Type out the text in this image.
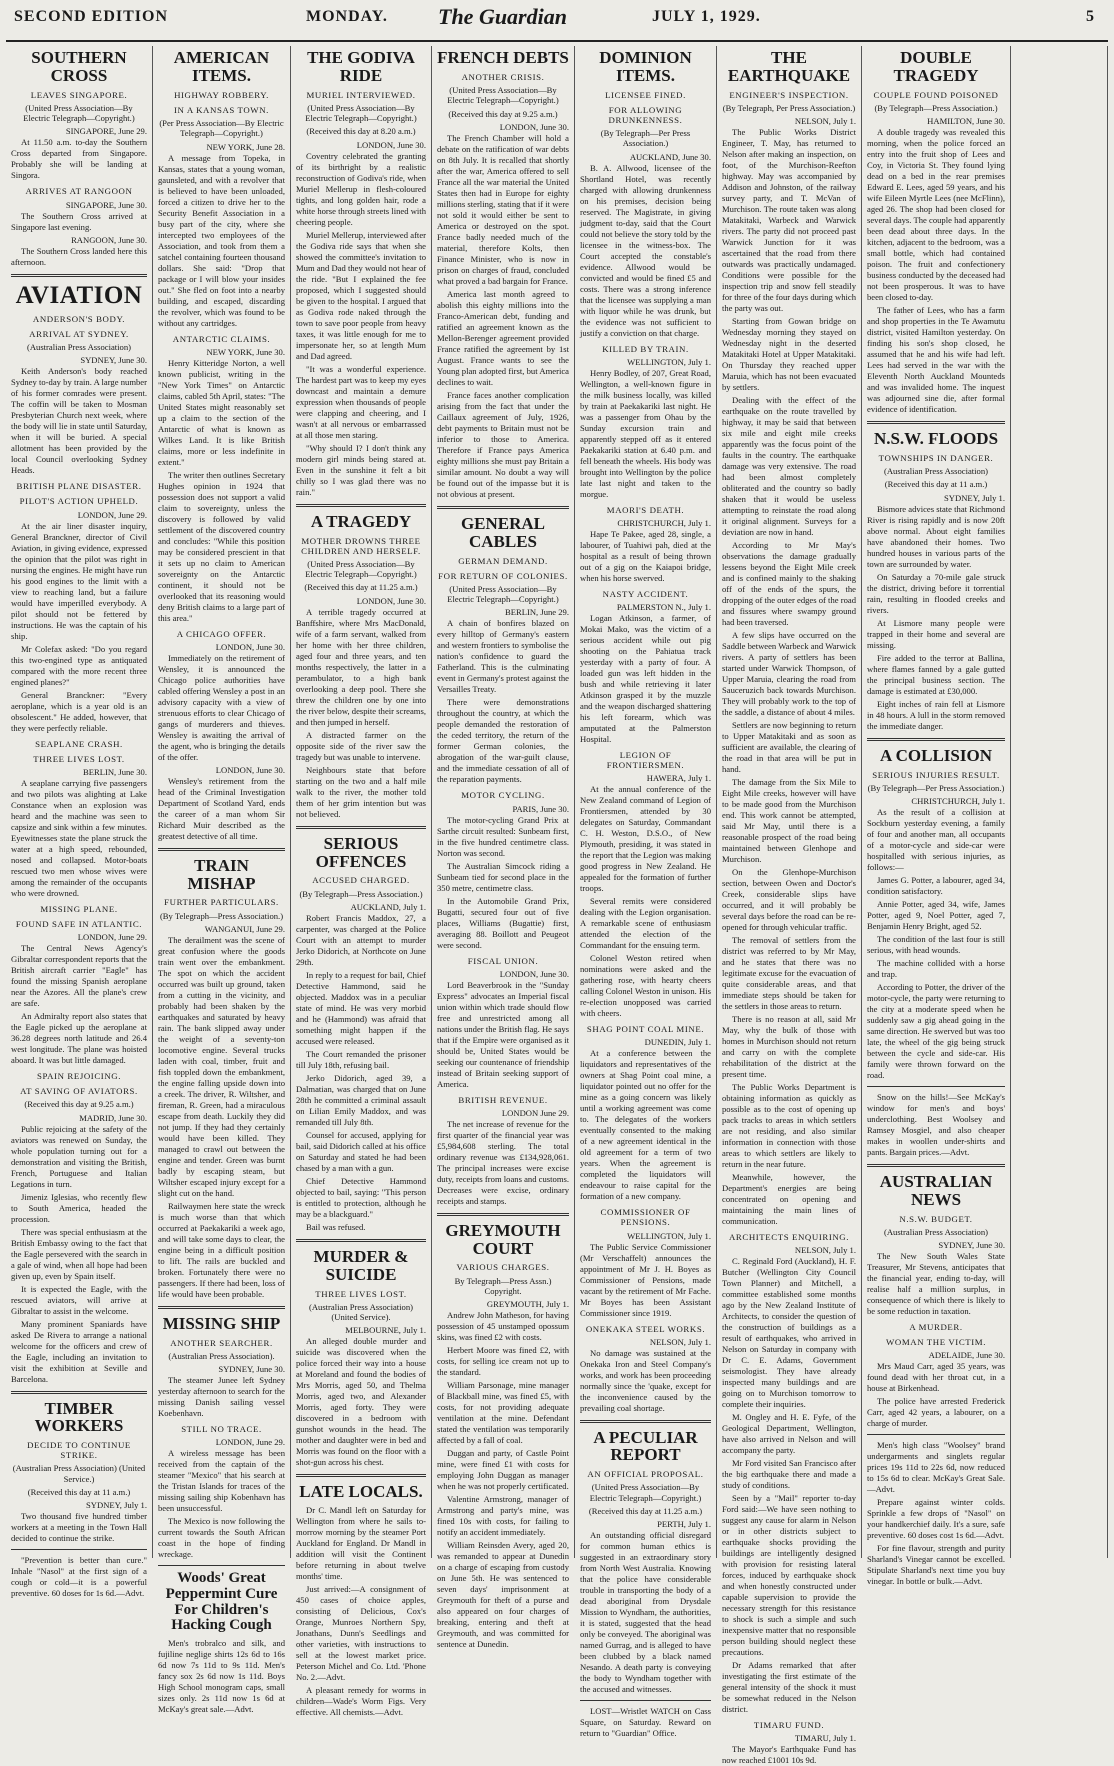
SECOND EDITION	MONDAY. The Guardian	JULY 1, 1929.	5
SOUTHERN CROSS
LEAVES SINGAPORE.
(United Press Association—By Electric Telegraph—Copyright.)
SINGAPORE, June 29.
At 11.50 a.m. to-day the Southern Cross departed from Singapore. Probably she will be landing at Singora.
ARRIVES AT RANGOON
SINGAPORE, June 30.
The Southern Cross arrived at Singapore last evening.
RANGOON, June 30.
The Southern Cross landed here this afternoon.
AVIATION
ANDERSON'S BODY.
ARRIVAL AT SYDNEY.
(Australian Press Association)
SYDNEY, June 30.
Keith Anderson's body reached Sydney to-day by train. A large number of his former comrades were present. The coffin will be taken to Mosman Presbyterian Church next week, where the body will lie in state until Saturday, when it will be buried. A special allotment has been provided by the local Council overlooking Sydney Heads.
BRITISH PLANE DISASTER.
PILOT'S ACTION UPHELD.
LONDON, June 29.
At the air liner disaster inquiry, General Branckner, director of Civil Aviation, in giving evidence, expressed the opinion that the pilot was right in nursing the engines. He might have run his good engines to the limit with a view to reaching land, but a failure would have imperilled everybody. A pilot should not be fettered by instructions. He was the captain of his ship.
Mr Colefax asked: "Do you regard this two-engined type as antiquated compared with the more recent three engined planes?"
General Branckner: "Every aeroplane, which is a year old is an obsolescent." He added, however, that they were perfectly reliable.
SEAPLANE CRASH.
THREE LIVES LOST.
BERLIN, June 30.
A seaplane carrying five passengers and two pilots was alighting at Lake Constance when an explosion was heard and the machine was seen to capsize and sink within a few minutes. Eyewitnesses state the plane struck the water at a high speed, rebounded, nosed and collapsed. Motor-boats rescued two men whose wives were among the remainder of the occupants who were drowned.
MISSING PLANE.
FOUND SAFE IN ATLANTIC.
LONDON, June 29.
The Central News Agency's Gibraltar correspondent reports that the British aircraft carrier "Eagle" has found the missing Spanish aeroplane near the Azores. All the plane's crew are safe.
An Admiralty report also states that the Eagle picked up the aeroplane at 36.28 degrees north latitude and 26.4 west longitude. The plane was hoisted aboard. It was but little damaged.
SPAIN REJOICING.
AT SAVING OF AVIATORS.
(Received this day at 9.25 a.m.)
MADRID, June 30.
Public rejoicing at the safety of the aviators was renewed on Sunday, the whole population turning out for a demonstration and visiting the British, French, Portuguese and Italian Legations in turn.
Jimeniz Iglesias, who recently flew to South America, headed the procession.
There was special enthusiasm at the British Embassy owing to the fact that the Eagle persevered with the search in a gale of wind, when all hope had been given up, even by Spain itself.
It is expected the Eagle, with the rescued aviators, will arrive at Gibraltar to assist in the welcome.
Many prominent Spaniards have asked De Rivera to arrange a national welcome for the officers and crew of the Eagle, including an invitation to visit the exhibition at Seville and Barcelona.
TIMBER WORKERS
DECIDE TO CONTINUE STRIKE.
(Australian Press Association) (United Service.)
(Received this day at 11 a.m.)
SYDNEY, July 1.
Two thousand five hundred timber workers at a meeting in the Town Hall decided to continue the strike.
"Prevention is better than cure." Inhale "Nasol" at the first sign of a cough or cold—it is a powerful preventive. 60 doses for 1s 6d.—Advt.
AMERICAN ITEMS.
HIGHWAY ROBBERY.
IN A KANSAS TOWN.
(Per Press Association—By Electric Telegraph—Copyright.)
NEW YORK, June 28.
A message from Topeka, in Kansas, states that a young woman, gaunsleted, and with a revolver that is believed to have been unloaded, forced a citizen to drive her to the Security Benefit Association in a busy part of the city, where she intercepted two employees of the Association, and took from them a satchel containing fourteen thousand dollars. She said: "Drop that package or I will blow your insides out." She fled on foot into a nearby building, and escaped, discarding the revolver, which was found to be without any cartridges.
ANTARCTIC CLAIMS.
NEW YORK, June 30.
Henry Kitteridge Norton, a well known publicist, writing in the "New York Times" on Antarctic claims, cabled 5th April, states: "The United States might reasonably set up a claim to the section of the Antarctic of what is known as Wilkes Land. It is like British claims, more or less indefinite in extent."
The writer then outlines Secretary Hughes opinion in 1924 that possession does not support a valid claim to sovereignty, unless the discovery is followed by valid settlement of the discovered country and concludes: "While this position may be considered prescient in that it sets up no claim to American sovereignty on the Antarctic continent, it should not be overlooked that its reasoning would deny British claims to a large part of this area."
A CHICAGO OFFER.
LONDON, June 30.
Immediately on the retirement of Wensley, it is announced the Chicago police authorities have cabled offering Wensley a post in an advisory capacity with a view of strenuous efforts to clear Chicago of gangs of murderers and thieves. Wensley is awaiting the arrival of the agent, who is bringing the details of the offer.
LONDON, June 30.
Wensley's retirement from the head of the Criminal Investigation Department of Scotland Yard, ends the career of a man whom Sir Richard Muir described as the greatest detective of all time.
TRAIN MISHAP
FURTHER PARTICULARS.
(By Telegraph—Press Association.)
WANGANUI, June 29.
The derailment was the scene of great confusion where the goods train went over the embankment. The spot on which the accident occurred was built up ground, taken from a cutting in the vicinity, and probably had been shaken by the earthquakes and saturated by heavy rain. The bank slipped away under the weight of a seventy-ton locomotive engine. Several trucks laden with coal, timber, fruit and fish toppled down the embankment, the engine falling upside down into a creek. The driver, R. Wiltsher, and fireman, R. Green, had a miraculous escape from death. Luckily they did not jump. If they had they certainly would have been killed. They managed to crawl out between the engine and tender. Green was burnt badly by escaping steam, but Wiltsher escaped injury except for a slight cut on the hand.
Railwaymen here state the wreck is much worse than that which occurred at Paekakariki a week ago, and will take some days to clear, the engine being in a difficult position to lift. The rails are buckled and broken. Fortunately there were no passengers. If there had been, loss of life would have been probable.
MISSING SHIP
ANOTHER SEARCHER.
(Australian Press Association).
SYDNEY, June 30.
The steamer Junee left Sydney yesterday afternoon to search for the missing Danish sailing vessel Koebenhavn.
STILL NO TRACE.
LONDON, June 29.
A wireless message has been received from the captain of the steamer "Mexico" that his search at the Tristan Islands for traces of the missing sailing ship Kobenhavn has been unsuccessful.
The Mexico is now following the current towards the South African coast in the hope of finding wreckage.
Woods' Great Peppermint Cure For Children's Hacking Cough
Men's trobralco and silk, and fujiline neglige shirts 12s 6d to 16s 6d now 7s 11d to 9s 11d. Men's fancy sox 2s 6d now 1s 11d. Boys High School monogram caps, small sizes only. 2s 11d now 1s 6d at McKay's great sale.—Advt.
THE GODIVA RIDE
MURIEL INTERVIEWED.
(United Press Association—By Electric Telegraph—Copyright.)
(Received this day at 8.20 a.m.)
LONDON, June 30.
Coventry celebrated the granting of its birthright by a realistic reconstruction of Godiva's ride, when Muriel Mellerup in flesh-coloured tights, and long golden hair, rode a white horse through streets lined with cheering people.
Muriel Mellerup, interviewed after the Godiva ride says that when she showed the committee's invitation to Mum and Dad they would not hear of the ride. "But I explained the fee proposed, which I suggested should be given to the hospital. I argued that as Godiva rode naked through the town to save poor people from heavy taxes, it was little enough for me to impersonate her, so at length Mum and Dad agreed.
"It was a wonderful experience. The hardest part was to keep my eyes downcast and maintain a demure expression when thousands of people were clapping and cheering, and I wasn't at all nervous or embarrassed at all those men staring.
"Why should I? I don't think any modern girl minds being stared at. Even in the sunshine it felt a bit chilly so I was glad there was no rain."
A TRAGEDY
MOTHER DROWNS THREE CHILDREN AND HERSELF.
(United Press Association—By Electric Telegraph—Copyright.)
(Received this day at 11.25 a.m.)
LONDON, June 30.
A terrible tragedy occurred at Banffshire, where Mrs MacDonald, wife of a farm servant, walked from her home with her three children, aged four and three years, and ten months respectively, the latter in a perambulator, to a high bank overlooking a deep pool. There she threw the children one by one into the river below, despite their screams, and then jumped in herself.
A distracted farmer on the opposite side of the river saw the tragedy but was unable to intervene.
Neighbours state that before starting on the two and a half mile walk to the river, the mother told them of her grim intention but was not believed.
SERIOUS OFFENCES
ACCUSED CHARGED.
(By Telegraph—Press Association.)
AUCKLAND, July 1.
Robert Francis Maddox, 27, a carpenter, was charged at the Police Court with an attempt to murder Jerko Didorich, at Northcote on June 29th.
In reply to a request for bail, Chief Detective Hammond, said he objected. Maddox was in a peculiar state of mind. He was very morbid and he (Hammond) was afraid that something might happen if the accused were released.
The Court remanded the prisoner till July 18th, refusing bail.
Jerko Didorich, aged 39, a Dalmatian, was charged that on June 28th he committed a criminal assault on Lilian Emily Maddox, and was remanded till July 8th.
Counsel for accused, applying for bail, said Didorich called at his office on Saturday and stated he had been chased by a man with a gun.
Chief Detective Hammond objected to bail, saying: "This person is entitled to protection, although he may be a blackguard."
Bail was refused.
MURDER & SUICIDE
THREE LIVES LOST.
(Australian Press Association) (United Service).
MELBOURNE, July 1.
An alleged double murder and suicide was discovered when the police forced their way into a house at Moreland and found the bodies of Mrs Morris, aged 50, and Thelma Morris, aged two, and Alexander Morris, aged forty. They were discovered in a bedroom with gunshot wounds in the head. The mother and daughter were in bed and Morris was found on the floor with a shot-gun across his chest.
LATE LOCALS.
Dr C. Mandl left on Saturday for Wellington from where he sails to-morrow morning by the steamer Port Auckland for England. Dr Mandl in addition will visit the Continent before returning in about twelve months' time.
Just arrived:—A consignment of 450 cases of choice apples, consisting of Delicious, Cox's Orange, Munroes Northern Spy, Jonathans, Dunn's Seedlings and other varieties, with instructions to sell at the lowest market price. Peterson Michel and Co. Ltd. 'Phone No. 2.—Advt.
A pleasant remedy for worms in children—Wade's Worm Figs. Very effective. All chemists.—Advt.
FRENCH DEBTS
ANOTHER CRISIS.
(United Press Association—By Electric Telegraph—Copyright.)
(Received this day at 9.25 a.m.)
LONDON, June 30.
The French Chamber will hold a debate on the ratification of war debts on 8th July. It is recalled that shortly after the war, America offered to sell France all the war material the United States then had in Europe for eighty millions sterling, stating that if it were not sold it would either be sent to America or destroyed on the spot. France badly needed much of the material, therefore Kolts, then Finance Minister, who is now in prison on charges of fraud, concluded what proved a bad bargain for France.
America last month agreed to abolish this eighty millions into the Franco-American debt, funding and ratified an agreement known as the Mellon-Berenger agreement provided France ratified the agreement by 1st August. France wants to see the Young plan adopted first, but America declines to wait.
France faces another complication arising from the fact that under the Caillaux agreement of July, 1926, debt payments to Britain must not be inferior to those to America. Therefore if France pays America eighty millions she must pay Britain a similar amount. No doubt a way will be found out of the impasse but it is not obvious at present.
GENERAL CABLES
GERMAN DEMAND.
FOR RETURN OF COLONIES.
(United Press Association—By Electric Telegraph—Copyright.)
BERLIN, June 29.
A chain of bonfires blazed on every hilltop of Germany's eastern and western frontiers to symbolise the nation's confidence to guard the Fatherland. This is the culminating event in Germany's protest against the Versailles Treaty.
There were demonstrations throughout the country, at which the people demanded the restoration of the ceded territory, the return of the former German colonies, the abrogation of the war-guilt clause, and the immediate cessation of all of the reparation payments.
MOTOR CYCLING.
PARIS, June 30.
The motor-cycling Grand Prix at Sarthe circuit resulted: Sunbeam first, in the five hundred centimetre class. Norton was second.
The Australian Simcock riding a Sunbeam tied for second place in the 350 metre, centimetre class.
In the Automobile Grand Prix, Bugatti, secured four out of five places, Williams (Bugattie) first, averaging 88. Boillott and Peugeot were second.
FISCAL UNION.
LONDON, June 30.
Lord Beaverbrook in the "Sunday Express" advocates an Imperial fiscal union within which trade should flow free and unrestricted among all nations under the British flag. He says that if the Empire were organised as it should be, United States would be seeking our countenance of friendship instead of Britain seeking support of America.
BRITISH REVENUE.
LONDON June 29.
The net increase of revenue for the first quarter of the financial year was £5,984,608 sterling. The total ordinary revenue was £134,928,061. The principal increases were excise duty, receipts from loans and customs. Decreases were excise, ordinary receipts and stamps.
GREYMOUTH COURT
VARIOUS CHARGES.
By Telegraph—Press Assn.) Copyright.
GREYMOUTH, July 1.
Andrew John Matheson, for having possession of 45 unstamped opossum skins, was fined £2 with costs.
Herbert Moore was fined £2, with costs, for selling ice cream not up to the standard.
William Parsonage, mine manager of Blackball mine, was fined £5, with costs, for not providing adequate ventilation at the mine. Defendant stated the ventilation was temporarily affected by a fall of coal.
Duggan and party, of Castle Point mine, were fined £1 with costs for employing John Duggan as manager when he was not properly certificated.
Valentine Armstrong, manager of Armstrong and party's mine, was fined 10s with costs, for failing to notify an accident immediately.
William Reinsden Avery, aged 20, was remanded to appear at Dunedin on a charge of escaping from custody on June 5th. He was sentenced to seven days' imprisonment at Greymouth for theft of a purse and also appeared on four charges of breaking, entering and theft at Greymouth, and was committed for sentence at Dunedin.
DOMINION ITEMS.
LICENSEE FINED.
FOR ALLOWING DRUNKENNESS.
(By Telegraph—Per Press Association.)
AUCKLAND, June 30.
B. A. Allwood, licensee of the Shortland Hotel, was recently charged with allowing drunkenness on his premises, decision being reserved. The Magistrate, in giving judgment to-day, said that the Court could not believe the story told by the licensee in the witness-box. The Court accepted the constable's evidence. Allwood would be convicted and would be fined £5 and costs. There was a strong inference that the licensee was supplying a man with liquor while he was drunk, but the evidence was not sufficient to justify a conviction on that charge.
KILLED BY TRAIN.
WELLINGTON, July 1.
Henry Bodley, of 207, Great Road, Wellington, a well-known figure in the milk business locally, was killed by train at Paekakariki last night. He was a passenger from Ohau by the Sunday excursion train and apparently stepped off as it entered Paekakariki station at 6.40 p.m. and fell beneath the wheels. His body was brought into Wellington by the police late last night and taken to the morgue.
MAORI'S DEATH.
CHRISTCHURCH, July 1.
Hape Te Pakee, aged 28, single, a labourer, of Tuahiwi pah, died at the hospital as a result of being thrown out of a gig on the Kaiapoi bridge, when his horse swerved.
NASTY ACCIDENT.
PALMERSTON N., July 1.
Logan Atkinson, a farmer, of Mokai Mako, was the victim of a serious accident while out pig shooting on the Pahiatua track yesterday with a party of four. A loaded gun was left hidden in the bush and while retrieving it later Atkinson grasped it by the muzzle and the weapon discharged shattering his left forearm, which was amputated at the Palmerston Hospital.
LEGION OF FRONTIERSMEN.
HAWERA, July 1.
At the annual conference of the New Zealand command of Legion of Frontiersmen, attended by 30 delegates on Saturday, Commandant C. H. Weston, D.S.O., of New Plymouth, presiding, it was stated in the report that the Legion was making good progress in New Zealand. He appealed for the formation of further troops.
Several remits were considered dealing with the Legion organisation. A remarkable scene of enthusiasm attended the election of the Commandant for the ensuing term.
Colonel Weston retired when nominations were asked and the gathering rose, with hearty cheers calling Colonel Weston in unison. His re-election unopposed was carried with cheers.
SHAG POINT COAL MINE.
DUNEDIN, July 1.
At a conference between the liquidators and representatives of the owners at Shag Point coal mine, a liquidator pointed out no offer for the mine as a going concern was likely until a working agreement was come to. The delegates of the workers eventually consented to the making of a new agreement identical in the old agreement for a term of two years. When the agreement is completed the liquidators will endeavour to raise capital for the formation of a new company.
COMMISSIONER OF PENSIONS.
WELLINGTON, July 1.
The Public Service Commissioner (Mr Verschaffelt) announces the appointment of Mr J. H. Boyes as Commissioner of Pensions, made vacant by the retirement of Mr Fache. Mr Boyes has been Assistant Commissioner since 1919.
ONEKAKA STEEL WORKS.
NELSON, July 1.
No damage was sustained at the Onekaka Iron and Steel Company's works, and work has been proceeding normally since the 'quake, except for the inconvenience caused by the prevailing coal shortage.
A PECULIAR REPORT
AN OFFICIAL PROPOSAL.
(United Press Association—By Electric Telegraph—Copyright.)
(Received this day at 11.25 a.m.)
PERTH, July 1.
An outstanding official disregard for common human ethics is suggested in an extraordinary story from North West Australia. Knowing that the police have considerable trouble in transporting the body of a dead aboriginal from Drysdale Mission to Wyndham, the authorities, it is stated, suggested that the head only be conveyed. The aboriginal was named Gurrag, and is alleged to have been clubbed by a black named Nesando. A death party is conveying the body to Wyndham together with the accused and witnesses.
LOST—Wristlet WATCH on Cass Square, on Saturday. Reward on return to "Guardian" Office.
THE EARTHQUAKE
ENGINEER'S INSPECTION.
(By Telegraph, Per Press Association.)
NELSON, July 1.
The Public Works District Engineer, T. May, has returned to Nelson after making an inspection, on foot, of the Murchison-Reefton highway. May was accompanied by Addison and Johnston, of the railway survey party, and T. McVan of Murchison. The route taken was along Matakitaki, Warbeck and Warwick rivers. The party did not proceed past Warwick Junction for it was ascertained that the road from there outwards was practically undamaged. Conditions were possible for the inspection trip and snow fell steadily for three of the four days during which the party was out.
Starting from Gowan bridge on Wednesday morning they stayed on Wednesday night in the deserted Matakitaki Hotel at Upper Matakitaki. On Thursday they reached upper Maruia, which has not been evacuated by settlers.
Dealing with the effect of the earthquake on the route travelled by highway, it may be said that between six mile and eight mile creeks apparently was the focus point of the faults in the country. The earthquake damage was very extensive. The road had been almost completely obliterated and the country so badly shaken that it would be useless attempting to reinstate the road along it original alignment. Surveys for a deviation are now in hand.
According to Mr May's observations the damage gradually lessens beyond the Eight Mile creek and is confined mainly to the shaking off of the ends of the spurs, the dropping of the outer edges of the road and fissures where swampy ground had been traversed.
A few slips have occurred on the Saddle between Warbeck and Warwick rivers. A party of settlers has been started under Warwick Thompson, of Upper Maruia, clearing the road from Sauceruzich back towards Murchison. They will probably work to the top of the saddle, a distance of about 4 miles.
Settlers are now beginning to return to Upper Matakitaki and as soon as sufficient are available, the clearing of the road in that area will be put in hand.
The damage from the Six Mile to Eight Mile creeks, however will have to be made good from the Murchison end. This work cannot be attempted, said Mr May, until there is a reasonable prospect of the road being maintained between Glenhope and Murchison.
On the Glenhope-Murchison section, between Owen and Doctor's Creek, considerable slips have occurred, and it will probably be several days before the road can be re-opened for through vehicular traffic.
The removal of settlers from the district was referred to by Mr May, and he states that there was no legitimate excuse for the evacuation of quite considerable areas, and that immediate steps should be taken for the settlers in those areas to return.
There is no reason at all, said Mr May, why the bulk of those with homes in Murchison should not return and carry on with the complete rehabilitation of the district at the present time.
The Public Works Department is obtaining information as quickly as possible as to the cost of opening up pack tracks to areas in which settlers are not residing, and also similar information in connection with those areas to which settlers are likely to return in the near future.
Meanwhile, however, the Department's energies are being concentrated on opening and maintaining the main lines of communication.
ARCHITECTS ENQUIRING.
NELSON, July 1.
C. Reginald Ford (Auckland), H. F. Butcher (Wellington City Council Town Planner) and Mitchell, a committee established some months ago by the New Zealand Institute of Architects, to consider the question of the construction of buildings as a result of earthquakes, who arrived in Nelson on Saturday in company with Dr C. E. Adams, Government seismologist. They have already inspected many buildings and are going on to Murchison tomorrow to complete their inquiries.
M. Ongley and H. E. Fyfe, of the Geological Department, Wellington, have also arrived in Nelson and will accompany the party.
Mr Ford visited San Francisco after the big earthquake there and made a study of conditions.
Seen by a "Mail" reporter to-day Ford said:—We have seen nothing to suggest any cause for alarm in Nelson or in other districts subject to earthquake shocks providing the buildings are intelligently designed with provision for resisting lateral forces, induced by earthquake shock and when honestly constructed under capable supervision to provide the necessary strength for this resistance to shock is such a simple and such inexpensive matter that no responsible person building should neglect these precautions.
Dr Adams remarked that after investigating the first estimate of the general intensity of the shock it must be somewhat reduced in the Nelson district.
TIMARU FUND.
TIMARU, July 1.
The Mayor's Earthquake Fund has now reached £1001 10s 9d.
DOUBLE TRAGEDY
COUPLE FOUND POISONED
(By Telegraph—Press Association.)
HAMILTON, June 30.
A double tragedy was revealed this morning, when the police forced an entry into the fruit shop of Lees and Coy, in Victoria St. They found lying dead on a bed in the rear premises Edward E. Lees, aged 59 years, and his wife Eileen Myrtle Lees (nee McFlinn), aged 26. The shop had been closed for several days. The couple had apparently been dead about three days. In the kitchen, adjacent to the bedroom, was a small bottle, which had contained poison. The fruit and confectionery business conducted by the deceased had not been prosperous. It was to have been closed to-day.
The father of Lees, who has a farm and shop properties in the Te Awamutu district, visited Hamilton yesterday. On finding his son's shop closed, he assumed that he and his wife had left. Lees had served in the war with the Eleventh North Auckland Mounteds and was invalided home. The inquest was adjourned sine die, after formal evidence of identification.
N.S.W. FLOODS
TOWNSHIPS IN DANGER.
(Australian Press Association)
(Received this day at 11 a.m.)
SYDNEY, July 1.
Bismore advices state that Richmond River is rising rapidly and is now 20ft above normal. About eight families have abandoned their homes. Two hundred houses in various parts of the town are surrounded by water.
On Saturday a 70-mile gale struck the district, driving before it torrential rain, resulting in flooded creeks and rivers.
At Lismore many people were trapped in their home and several are missing.
Fire added to the terror at Ballina, where flames fanned by a gale gutted the principal business section. The damage is estimated at £30,000.
Eight inches of rain fell at Lismore in 48 hours. A lull in the storm removed the immediate danger.
A COLLISION
SERIOUS INJURIES RESULT.
(By Telegraph—Per Press Association.)
CHRISTCHURCH, July 1.
As the result of a collision at Sockburn yesterday evening, a family of four and another man, all occupants of a motor-cycle and side-car were hospitalled with serious injuries, as follows:—
James G. Potter, a labourer, aged 34, condition satisfactory.
Annie Potter, aged 34, wife, James Potter, aged 9, Noel Potter, aged 7, Benjamin Henry Bright, aged 52.
The condition of the last four is still serious, with head wounds.
The machine collided with a horse and trap.
According to Potter, the driver of the motor-cycle, the party were returning to the city at a moderate speed when he suddenly saw a gig ahead going in the same direction. He swerved but was too late, the wheel of the gig being struck between the cycle and side-car. His family were thrown forward on the road.
Snow on the hills!—See McKay's window for men's and boys' underclothing. Best Woolsey and Ramsey Mosgiel, and also cheaper makes in woollen under-shirts and pants. Bargain prices.—Advt.
AUSTRALIAN NEWS
N.S.W. BUDGET.
(Australian Press Association)
SYDNEY, June 30.
The New South Wales State Treasurer, Mr Stevens, anticipates that the financial year, ending to-day, will realise half a million surplus, in consequence of which there is likely to be some reduction in taxation.
A MURDER.
WOMAN THE VICTIM.
ADELAIDE, June 30.
Mrs Maud Carr, aged 35 years, was found dead with her throat cut, in a house at Birkenhead.
The police have arrested Frederick Carr, aged 42 years, a labourer, on a charge of murder.
Men's high class "Woolsey" brand undergarments and singlets regular prices 19s 11d to 22s 6d, now reduced to 15s 6d to clear. McKay's Great Sale.—Advt.
Prepare against winter colds. Sprinkle a few drops of "Nasol" on your handkerchief daily. It's a sure, safe preventive. 60 doses cost 1s 6d.—Advt.
For fine flavour, strength and purity Sharland's Vinegar cannot be excelled. Stipulate Sharland's next time you buy vinegar. In bottle or bulk.—Advt.
